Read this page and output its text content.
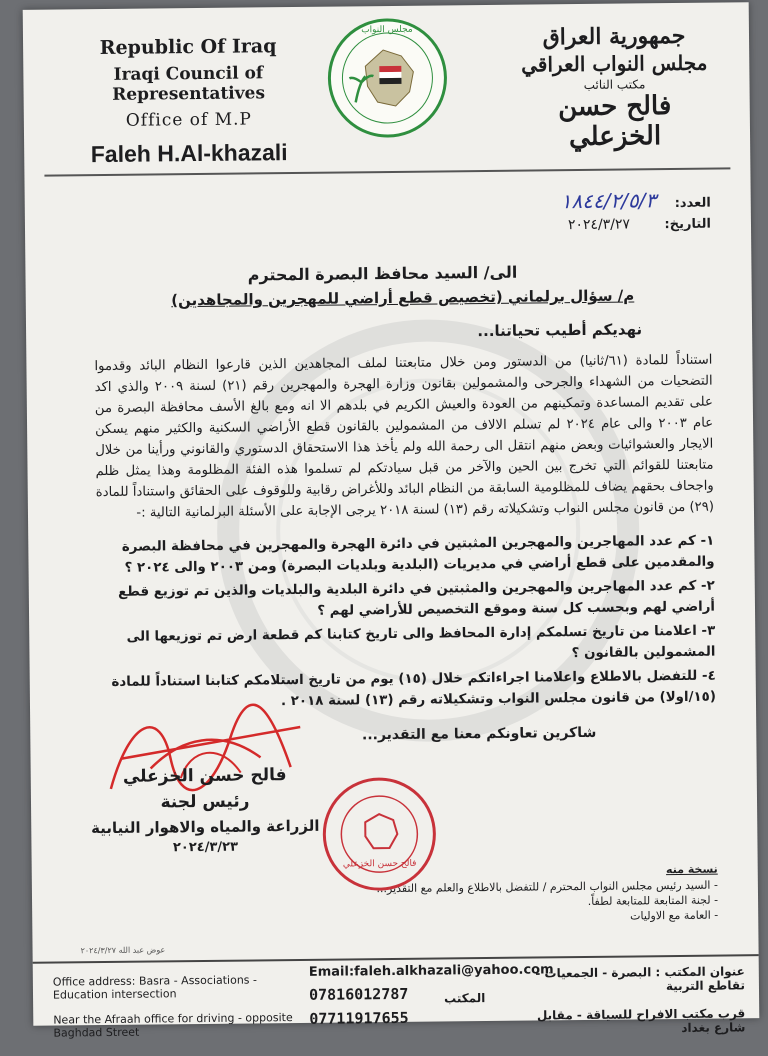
Republic Of Iraq
Iraqi Council of Representatives
Office of M.P
Faleh H.Al-khazali
مجلس النواب	جمهورية العراق
مجلس النواب العراقي
مكتب النائب
فالح حسن الخزعلي
العدد: ١٨٤٤/٢/٥/٣
التاريخ: ٢٠٢٤/٣/٢٧
الى/ السيد محافظ البصرة المحترم
م/ سؤال برلماني (تخصيص قطع أراضي للمهجرين والمجاهدين)
نهديكم أطيب تحياتنا...
استناداً للمادة (٦١/ثانيا) من الدستور ومن خلال متابعتنا لملف المجاهدين الذين قارعوا النظام البائد وقدموا التضحيات من الشهداء والجرحى والمشمولين بقانون وزارة الهجرة والمهجرين رقم (٢١) لسنة ٢٠٠٩ والذي اكد على تقديم المساعدة وتمكينهم من العودة والعيش الكريم في بلدهم الا انه ومع بالغ الأسف محافظة البصرة من عام ٢٠٠٣ والى عام ٢٠٢٤ لم تسلم الالاف من المشمولين بالقانون قطع الأراضي السكنية والكثير منهم يسكن الايجار والعشوائيات وبعض منهم انتقل الى رحمة الله ولم يأخذ هذا الاستحقاق الدستوري والقانوني ورأينا من خلال متابعتنا للقوائم التي تخرج بين الحين والآخر من قبل سيادتكم لم تسلموا هذه الفئة المظلومة وهذا يمثل ظلم واجحاف بحقهم يضاف للمظلومية السابقة من النظام البائد وللأغراض رقابية وللوقوف على الحقائق واستناداً للمادة (٢٩) من قانون مجلس النواب وتشكيلاته رقم (١٣) لسنة ٢٠١٨ يرجى الإجابة على الأسئلة البرلمانية التالية :-
١- كم عدد المهاجرين والمهجرين المثبتين في دائرة الهجرة والمهجرين في محافظة البصرة والمقدمين على قطع أراضي في مديريات (البلدية وبلديات البصرة) ومن ٢٠٠٣ والى ٢٠٢٤ ؟
٢- كم عدد المهاجرين والمهجرين والمثبتين في دائرة البلدية والبلديات والذين تم توزيع قطع أراضي لهم وبحسب كل سنة وموقع التخصيص للأراضي لهم ؟
٣- اعلامنا من تاريخ تسلمكم إدارة المحافظ والى تاريخ كتابنا كم قطعة ارض تم توزيعها الى المشمولين بالقانون ؟
٤- للتفضل بالاطلاع واعلامنا اجراءاتكم خلال (١٥) يوم من تاريخ استلامكم كتابنا استناداً للمادة (١٥/اولا) من قانون مجلس النواب وتشكيلاته رقم (١٣) لسنة ٢٠١٨ .
شاكرين تعاونكم معنا مع التقدير...
فالح حسن الخزعلي
رئيس لجنة
الزراعة والمياه والاهوار النيابية
٢٠٢٤/٣/٢٣
فالح حسن الخزعلي	نسخة منه
- السيد رئيس مجلس النواب المحترم / للتفضل بالاطلاع والعلم مع التقدير...
- لجنة المتابعة للمتابعة لطفاً.
- العامة مع الاوليات
عوض عبد الله ٢٠٢٤/٣/٢٧
Office address: Basra - Associations - Education intersection
Near the Afraah office for driving - opposite Baghdad Street
Email:faleh.alkhazali@yahoo.com
07816012787
07711917655
المكتب
عنوان المكتب : البصرة - الجمعيات - تقاطع التربية
قرب مكتب الافراح للسياقة - مقابل شارع بغداد
